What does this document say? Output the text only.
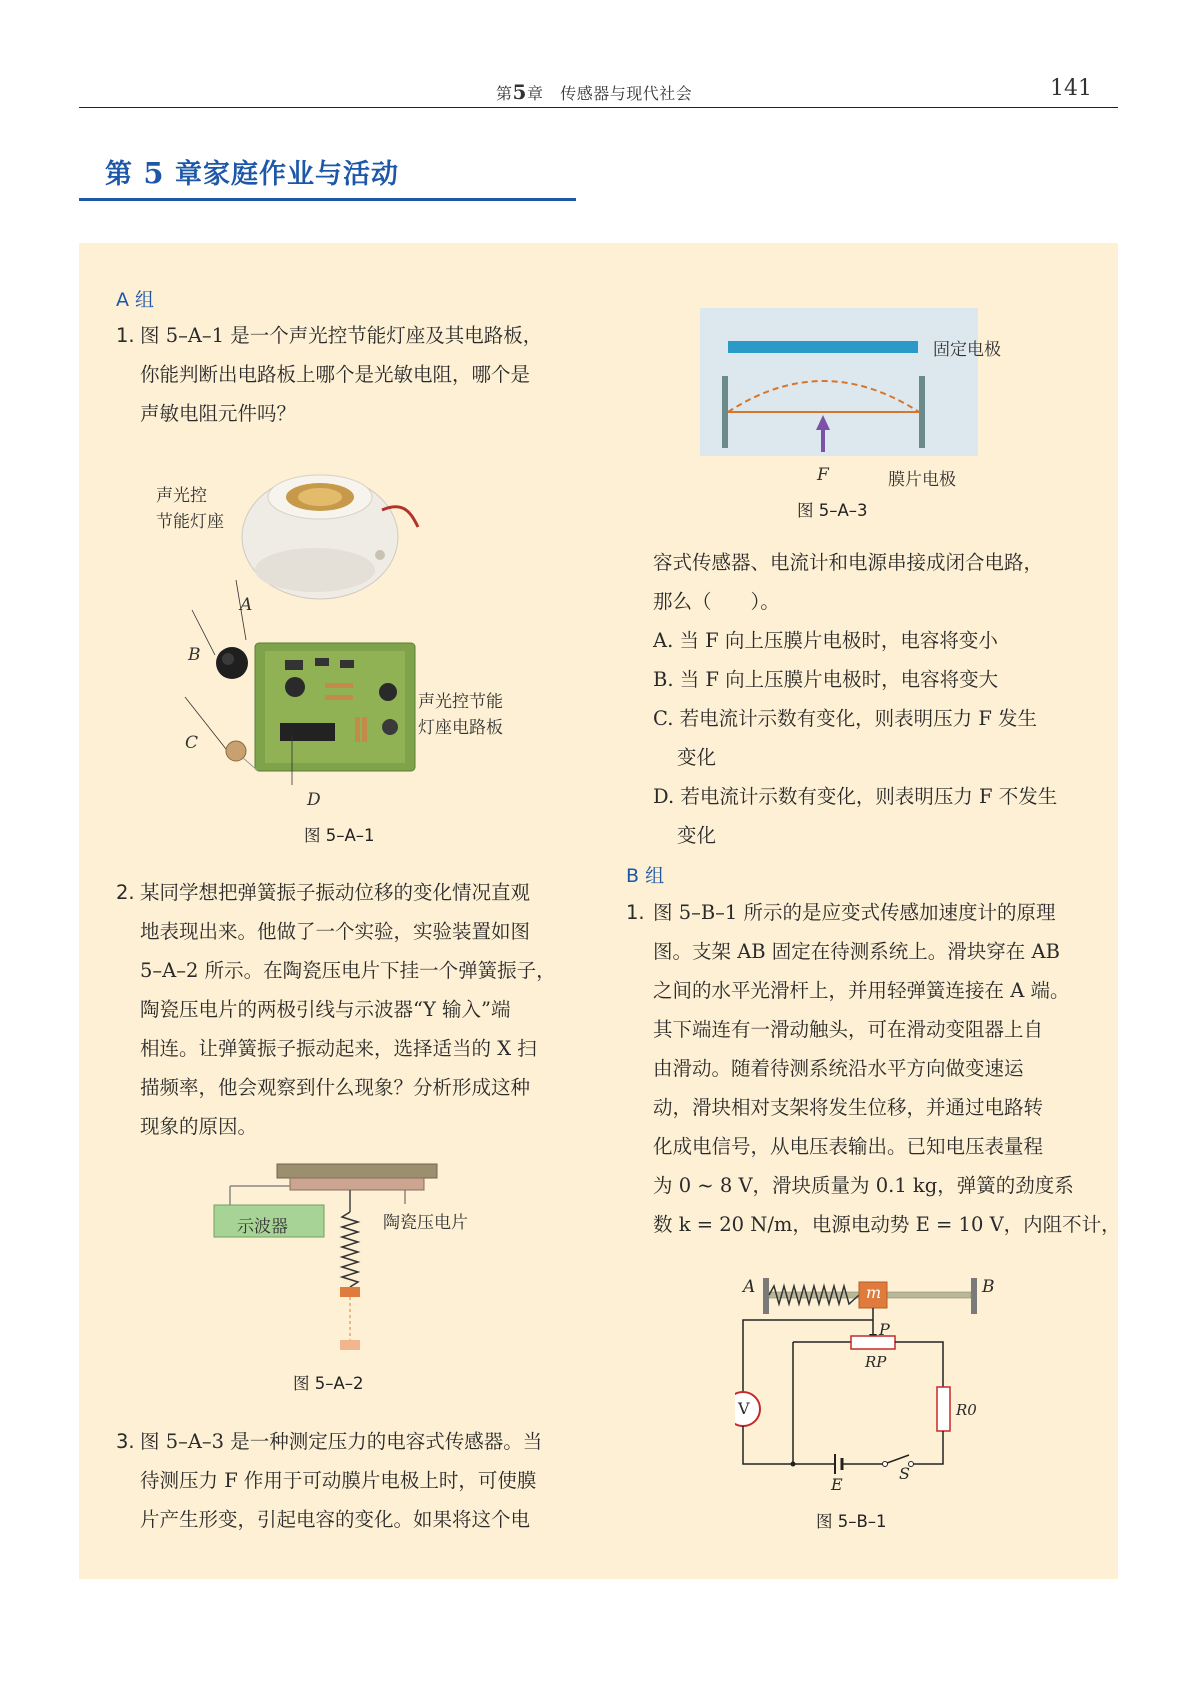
第5章 传感器与现代社会	141
第 5 章家庭作业与活动
A 组
1. 图 5–A–1 是一个声光控节能灯座及其电路板，
你能判断出电路板上哪个是光敏电阻，哪个是
声敏电阻元件吗？
声光控
节能灯座
声光控节能
灯座电路板
A
B
C
D
图 5–A–1
2. 某同学想把弹簧振子振动位移的变化情况直观
地表现出来。他做了一个实验，实验装置如图
5–A–2 所示。在陶瓷压电片下挂一个弹簧振子，
陶瓷压电片的两极引线与示波器“Y 输入”端
相连。让弹簧振子振动起来，选择适当的 X 扫
描频率，他会观察到什么现象？分析形成这种
现象的原因。
示波器	陶瓷压电片
图 5–A–2
3. 图 5–A–3 是一种测定压力的电容式传感器。当
待测压力 F 作用于可动膜片电极上时，可使膜
片产生形变，引起电容的变化。如果将这个电
固定电极
F	膜片电极
图 5–A–3
容式传感器、电流计和电源串接成闭合电路，
那么（　　）。
A. 当 F 向上压膜片电极时，电容将变小
B. 当 F 向上压膜片电极时，电容将变大
C. 若电流计示数有变化，则表明压力 F 发生
变化
D. 若电流计示数有变化，则表明压力 F 不发生
变化
B 组
1. 图 5–B–1 所示的是应变式传感加速度计的原理
图。支架 AB 固定在待测系统上。滑块穿在 AB
之间的水平光滑杆上，并用轻弹簧连接在 A 端。
其下端连有一滑动触头，可在滑动变阻器上自
由滑动。随着待测系统沿水平方向做变速运
动，滑块相对支架将发生位移，并通过电路转
化成电信号，从电压表输出。已知电压表量程
为 0 ~ 8 V，滑块质量为 0.1 kg，弹簧的劲度系
数 k = 20 N/m，电源电动势 E = 10 V，内阻不计，
A	B
m
P
V
RP
R0
E
S
图 5–B–1
